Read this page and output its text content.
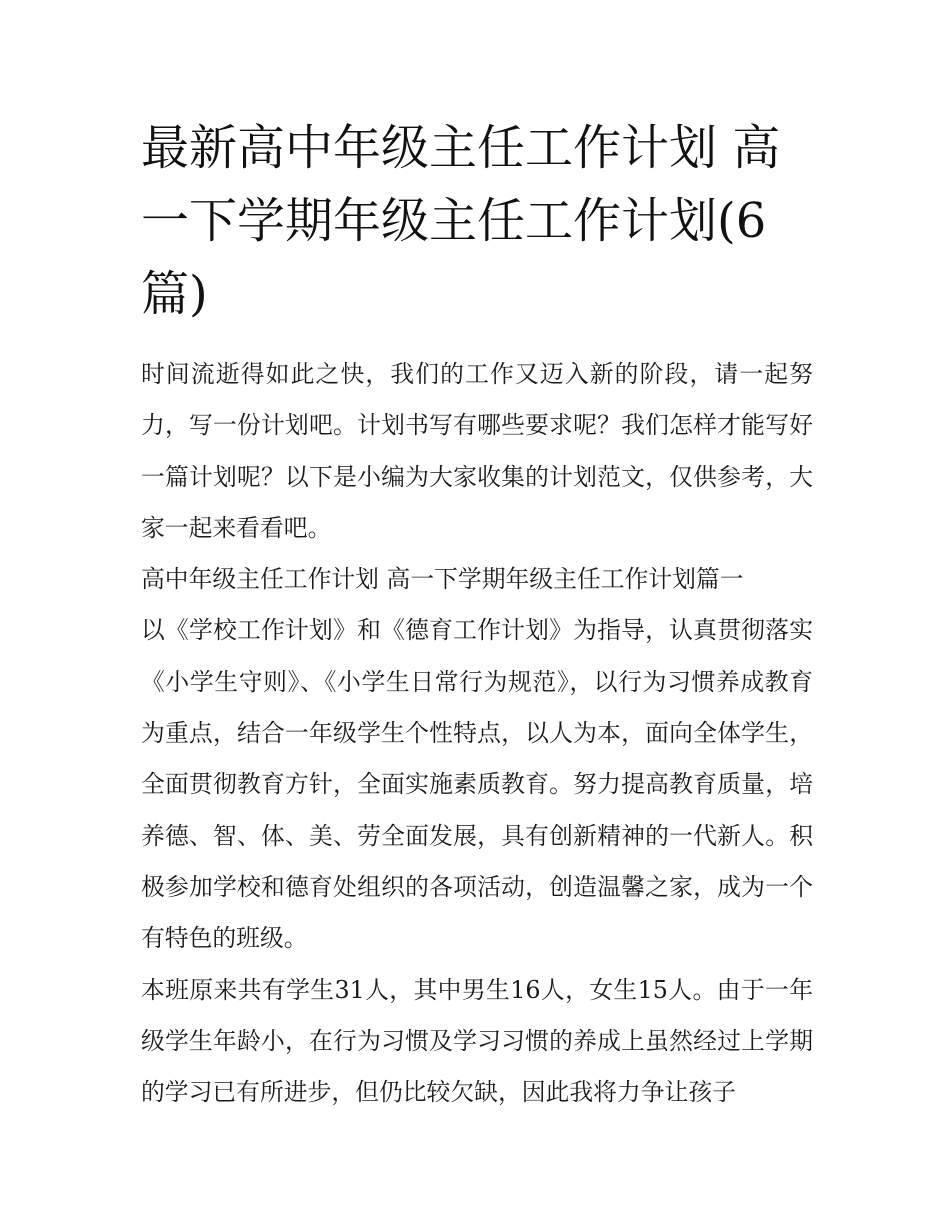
最新高中年级主任工作计划 高一下学期年级主任工作计划(6篇)

时间流逝得如此之快，我们的工作又迈入新的阶段，请一起努力，写一份计划吧。计划书写有哪些要求呢？我们怎样才能写好一篇计划呢？以下是小编为大家收集的计划范文，仅供参考，大家一起来看看吧。

高中年级主任工作计划 高一下学期年级主任工作计划篇一

以《学校工作计划》和《德育工作计划》为指导，认真贯彻落实《小学生守则》、《小学生日常行为规范》，以行为习惯养成教育为重点，结合一年级学生个性特点，以人为本，面向全体学生，全面贯彻教育方针，全面实施素质教育。努力提高教育质量，培养德、智、体、美、劳全面发展，具有创新精神的一代新人。积极参加学校和德育处组织的各项活动，创造温馨之家，成为一个有特色的班级。

本班原来共有学生31人，其中男生16人，女生15人。由于一年级学生年龄小，在行为习惯及学习习惯的养成上虽然经过上学期的学习已有所进步，但仍比较欠缺，因此我将力争让孩子
